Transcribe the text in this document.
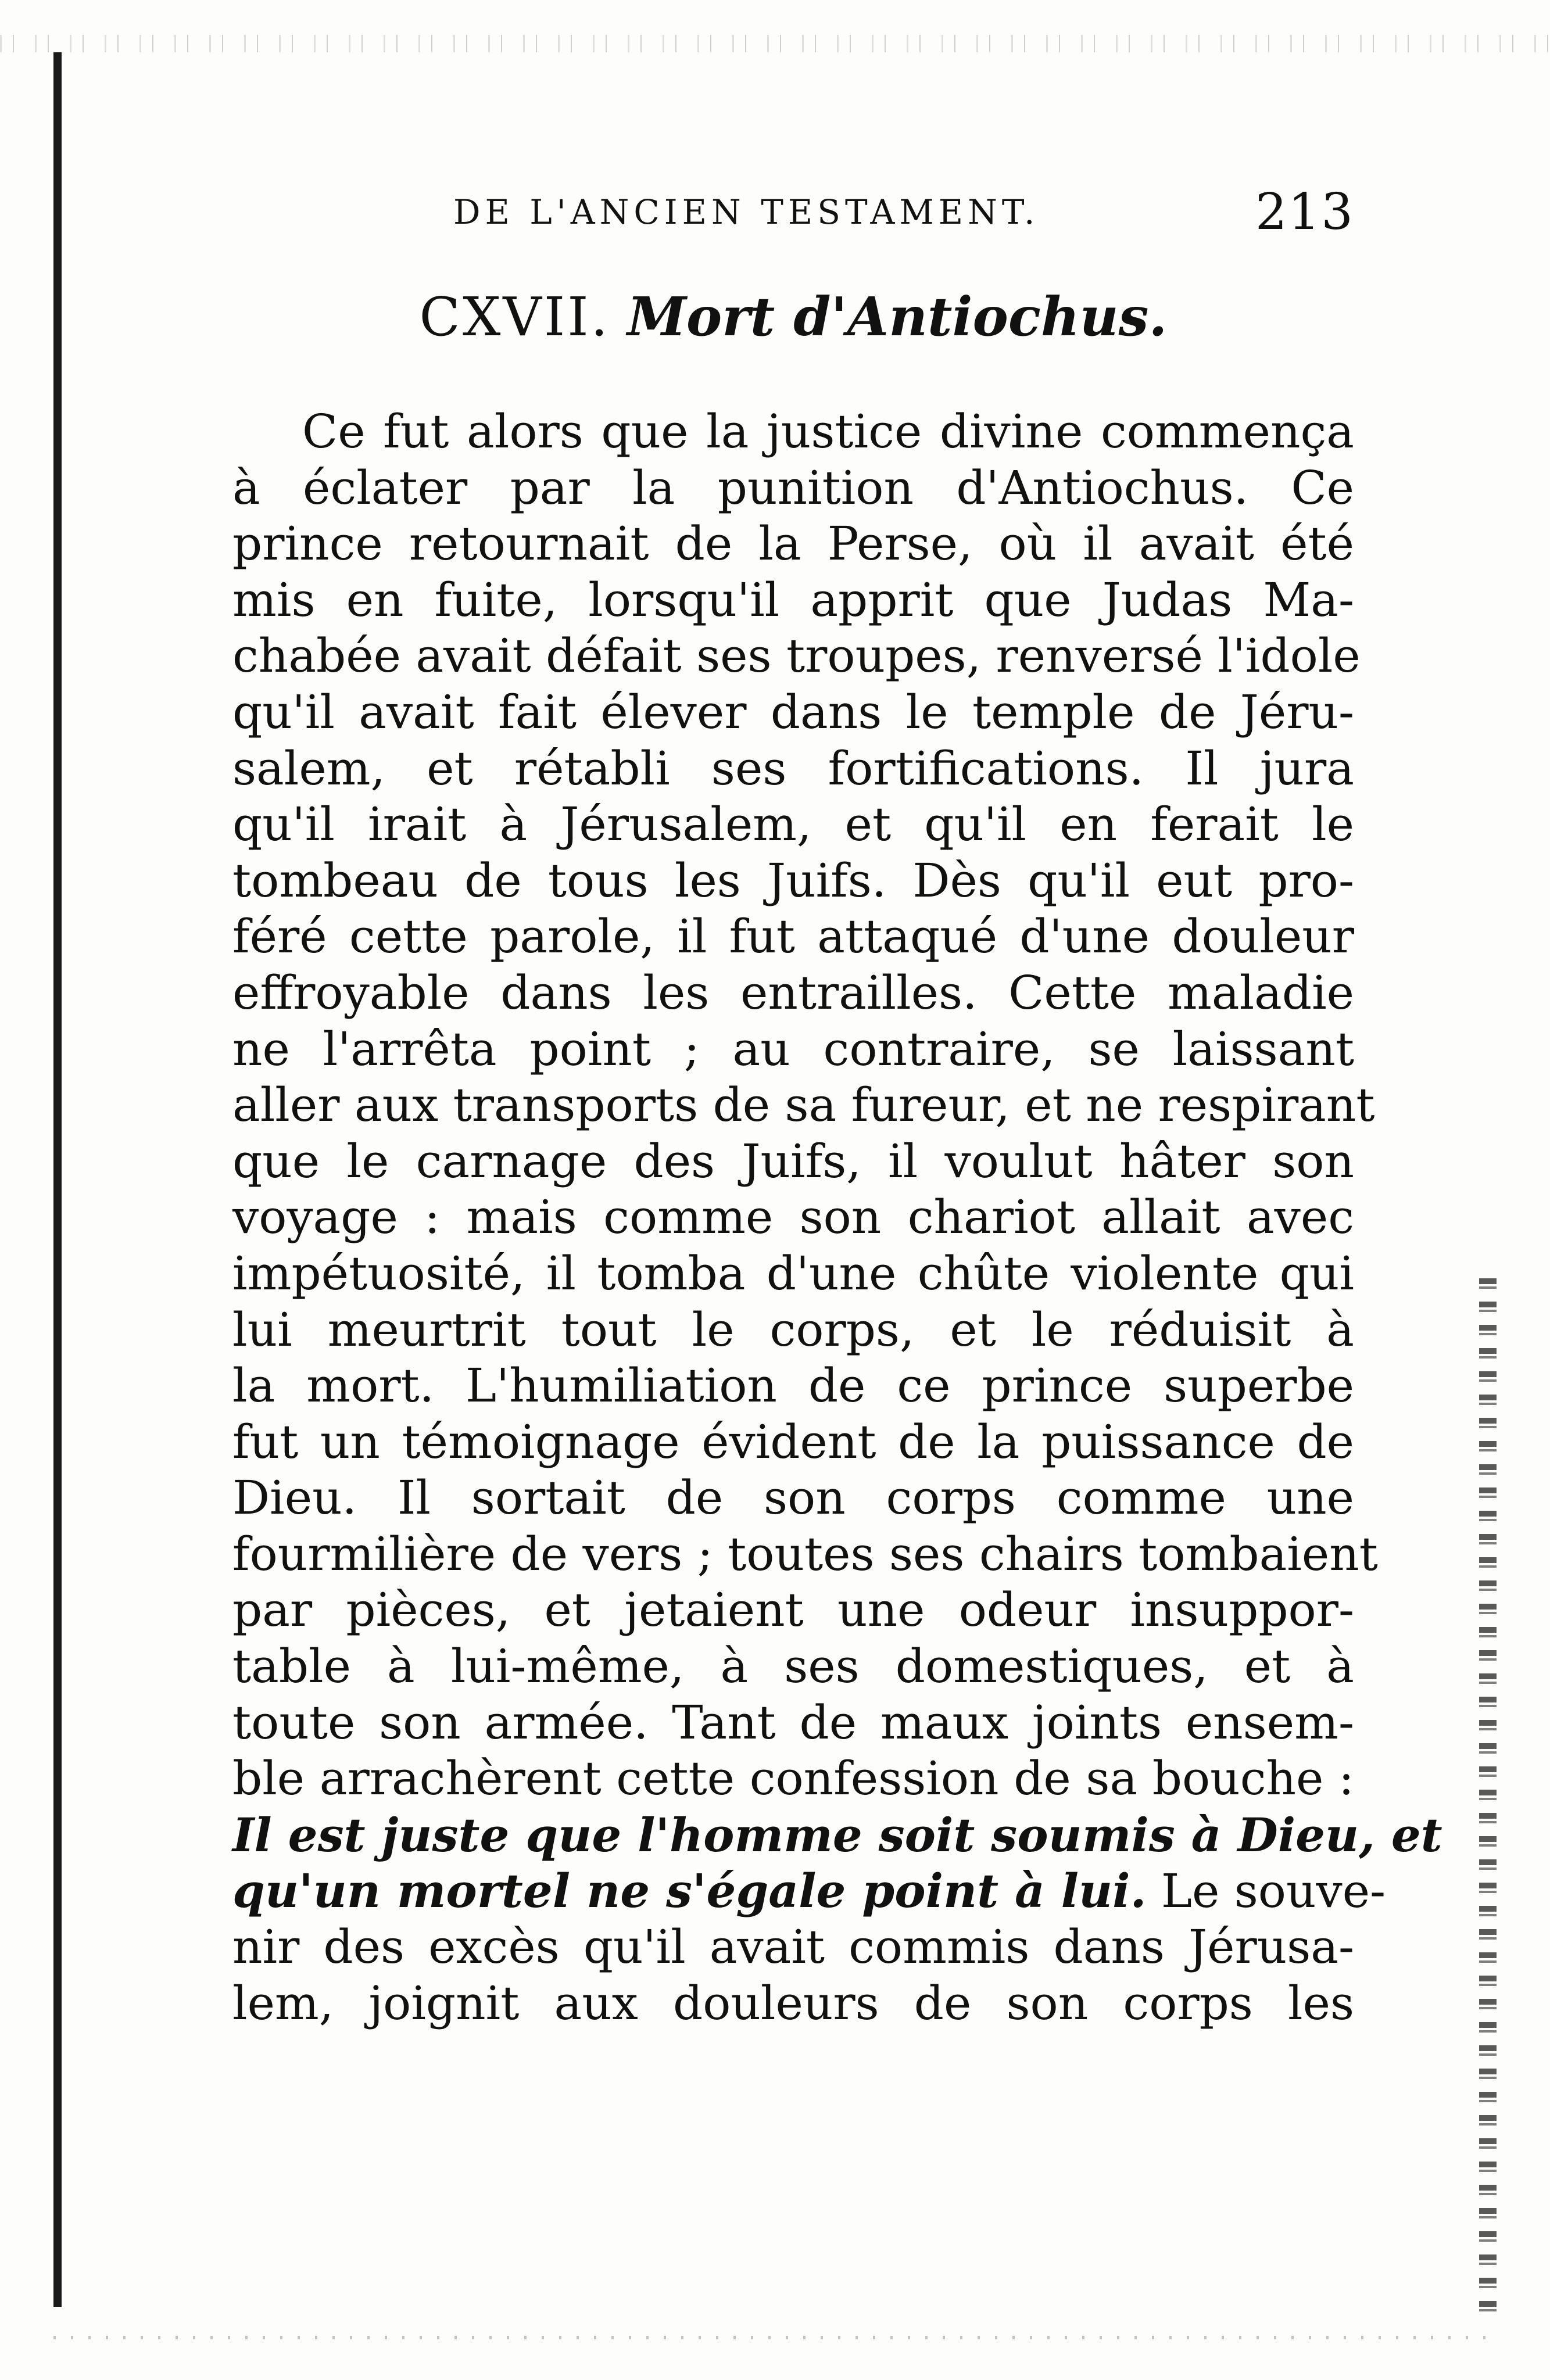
DE L'ANCIEN TESTAMENT.	213
CXVII. Mort d'Antiochus.
Ce fut alors que la justice divine commença
à éclater par la punition d'Antiochus. Ce
prince retournait de la Perse, où il avait été
mis en fuite, lorsqu'il apprit que Judas Ma-
chabée avait défait ses troupes, renversé l'idole
qu'il avait fait élever dans le temple de Jéru-
salem, et rétabli ses fortifications. Il jura
qu'il irait à Jérusalem, et qu'il en ferait le
tombeau de tous les Juifs. Dès qu'il eut pro-
féré cette parole, il fut attaqué d'une douleur
effroyable dans les entrailles. Cette maladie
ne l'arrêta point ; au contraire, se laissant
aller aux transports de sa fureur, et ne respirant
que le carnage des Juifs, il voulut hâter son
voyage : mais comme son chariot allait avec
impétuosité, il tomba d'une chûte violente qui
lui meurtrit tout le corps, et le réduisit à
la mort. L'humiliation de ce prince superbe
fut un témoignage évident de la puissance de
Dieu. Il sortait de son corps comme une
fourmilière de vers ; toutes ses chairs tombaient
par pièces, et jetaient une odeur insuppor-
table à lui-même, à ses domestiques, et à
toute son armée. Tant de maux joints ensem-
ble arrachèrent cette confession de sa bouche :
Il est juste que l'homme soit soumis à Dieu, et
qu'un mortel ne s'égale point à lui. Le souve-
nir des excès qu'il avait commis dans Jérusa-
lem, joignit aux douleurs de son corps les
